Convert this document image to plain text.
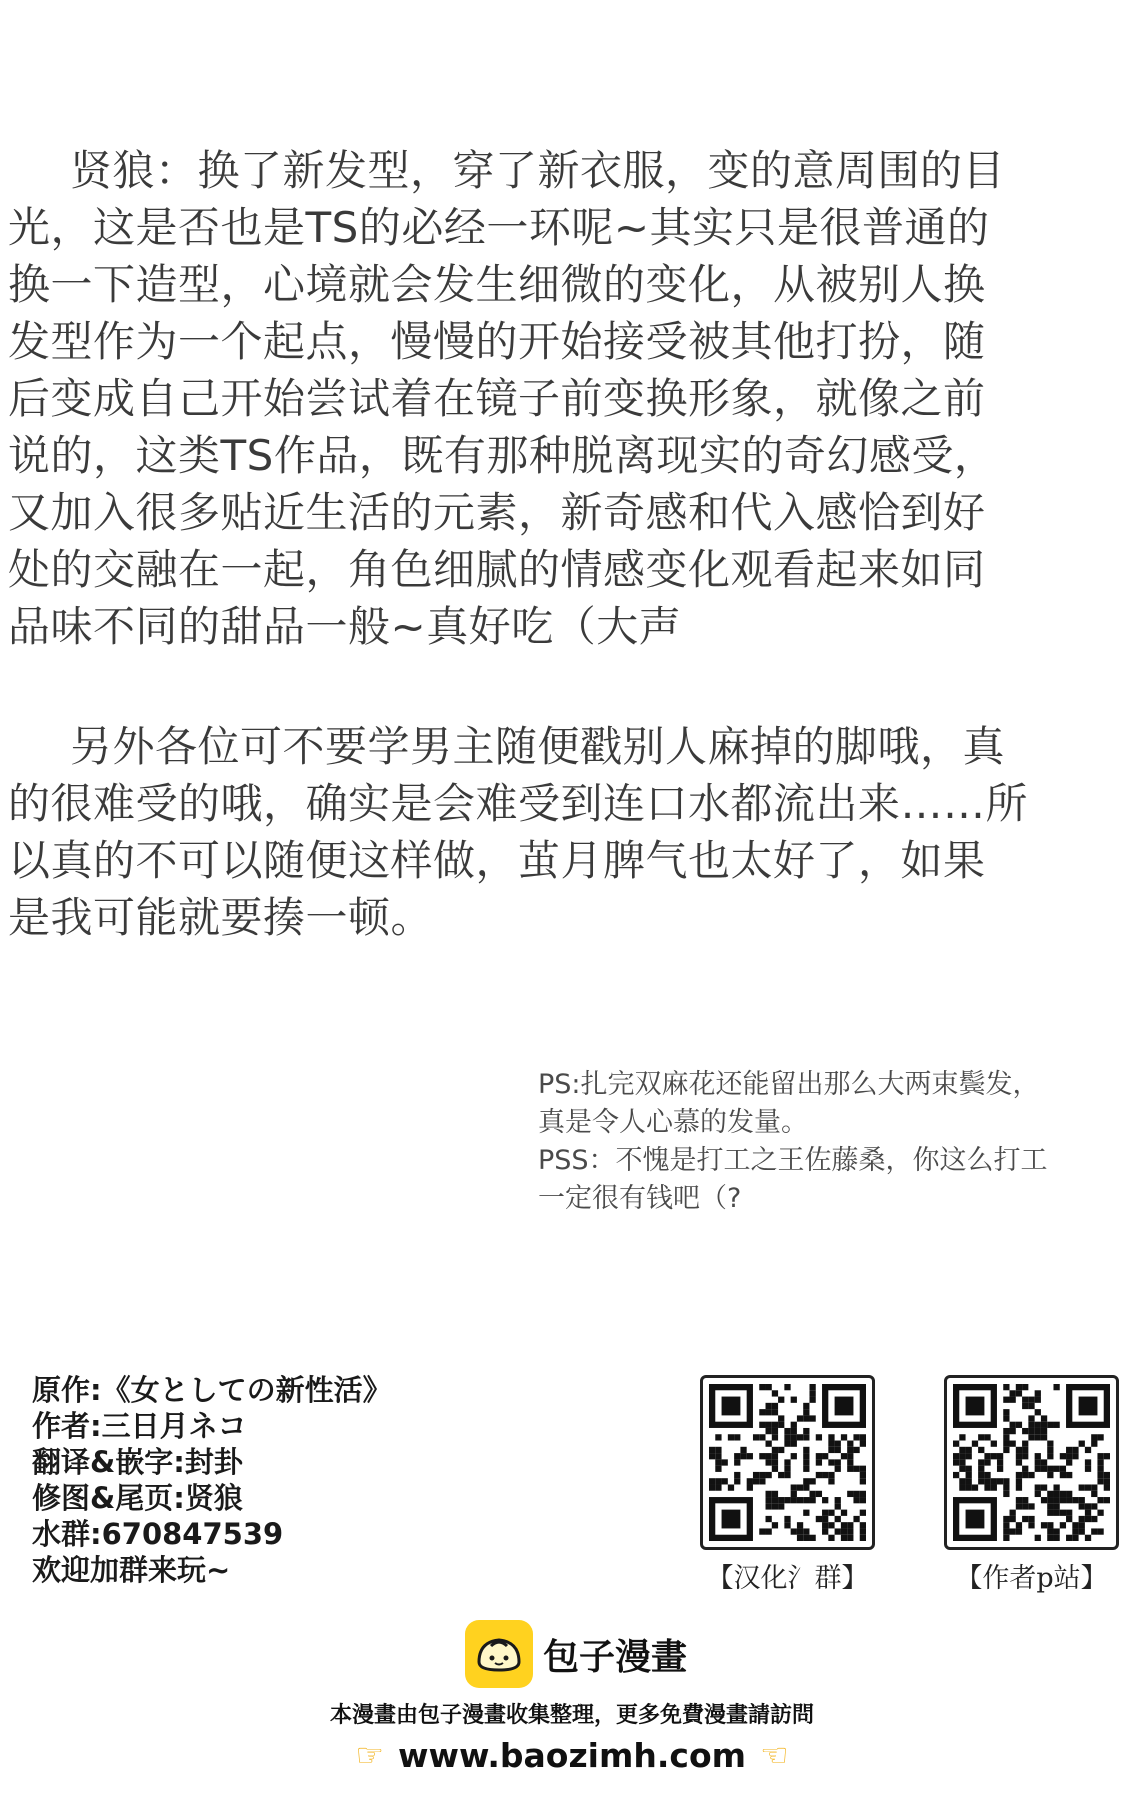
贤狼：换了新发型，穿了新衣服，变的意周围的目
光，这是否也是TS的必经一环呢~其实只是很普通的
换一下造型，心境就会发生细微的变化，从被别人换
发型作为一个起点，慢慢的开始接受被其他打扮，随
后变成自己开始尝试着在镜子前变换形象，就像之前
说的，这类TS作品，既有那种脱离现实的奇幻感受，
又加入很多贴近生活的元素，新奇感和代入感恰到好
处的交融在一起，角色细腻的情感变化观看起来如同
品味不同的甜品一般~真好吃（大声
另外各位可不要学男主随便戳别人麻掉的脚哦，真
的很难受的哦，确实是会难受到连口水都流出来……所
以真的不可以随便这样做，茧月脾气也太好了，如果
是我可能就要揍一顿。
PS:扎完双麻花还能留出那么大两束鬓发，
真是令人心慕的发量。
PSS：不愧是打工之王佐藤桑，你这么打工
一定很有钱吧（?
原作:《女としての新性活》
作者:三日月ネコ
翻译&嵌字:封卦
修图&尾页:贤狼
水群:670847539
欢迎加群来玩~	【汉化氵群】	【作者p站】
包子漫畫
本漫畫由包子漫畫收集整理，更多免費漫畫請訪問
☞ www.baozimh.com ☜
